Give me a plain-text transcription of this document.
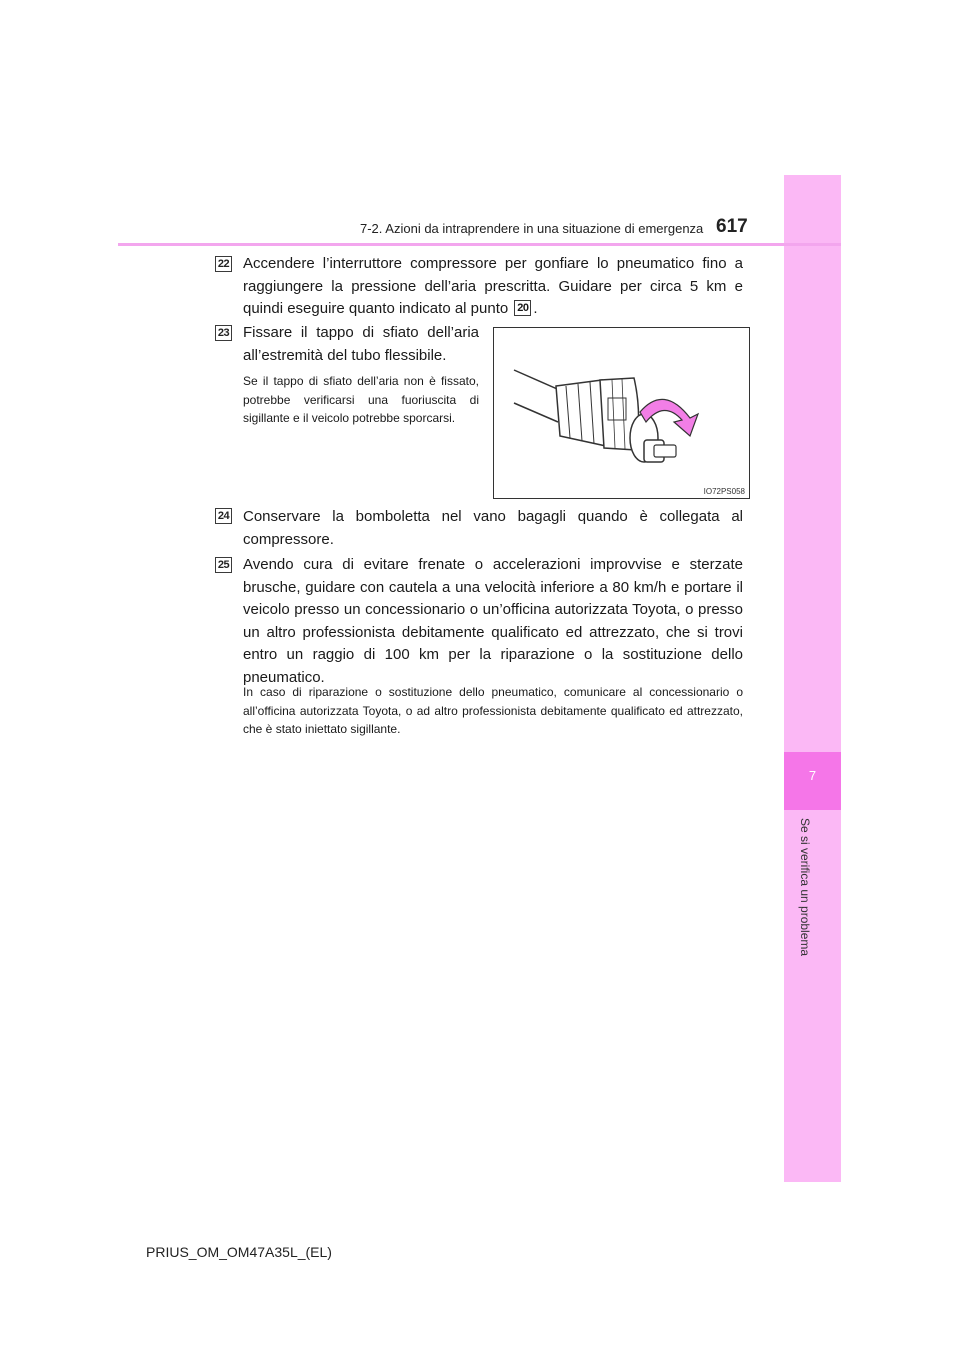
7
Se si verifica un problema
7-2. Azioni da intraprendere in una situazione di emergenza 617
22 Accendere l’interruttore compressore per gonfiare lo pneumatico fino a raggiungere la pressione dell’aria prescritta. Guidare per circa 5 km e quindi eseguire quanto indicato al punto 20 .

23 Fissare il tappo di sfiato dell’aria all’estremità del tubo flessibile.

Se il tappo di sfiato dell’aria non è fissato, potrebbe verificarsi una fuoriuscita di sigillante e il veicolo potrebbe sporcarsi.

IO72PS058
24 Conservare la bomboletta nel vano bagagli quando è collegata al compressore.

25 Avendo cura di evitare frenate o accelerazioni improvvise e sterzate brusche, guidare con cautela a una velocità inferiore a 80 km/h e portare il veicolo presso un concessionario o un’officina autorizzata Toyota, o presso un altro professionista debitamente qualificato ed attrezzato, che si trovi entro un raggio di 100 km per la riparazione o la sostituzione dello pneumatico.

In caso di riparazione o sostituzione dello pneumatico, comunicare al concessionario o all’officina autorizzata Toyota, o ad altro professionista debitamente qualificato ed attrezzato, che è stato iniettato sigillante.

PRIUS_OM_OM47A35L_(EL)
